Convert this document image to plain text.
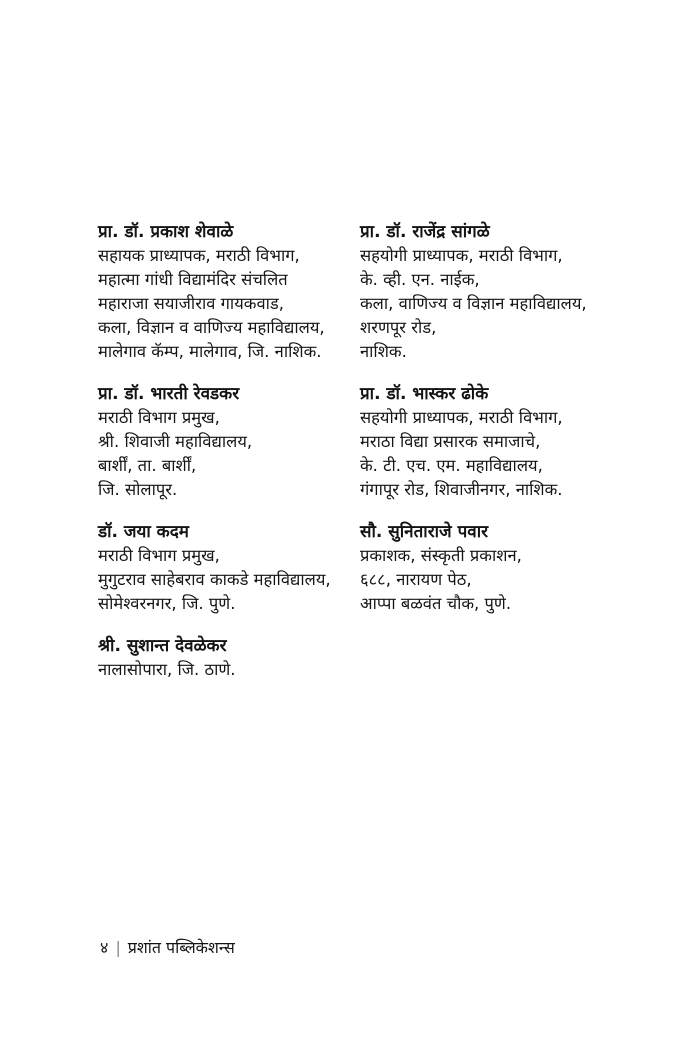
प्रा. डॉ. प्रकाश शेवाळे

सहायक प्राध्यापक, मराठी विभाग,

महात्मा गांधी विद्यामंदिर संचलित

महाराजा सयाजीराव गायकवाड,

कला, विज्ञान व वाणिज्य महाविद्यालय,

मालेगाव कॅम्प, मालेगाव, जि. नाशिक.

प्रा. डॉ. भारती रेवडकर

मराठी विभाग प्रमुख,

श्री. शिवाजी महाविद्यालय,

बार्शीं, ता. बार्शीं,

जि. सोलापूर.

डॉ. जया कदम

मराठी विभाग प्रमुख,

मुगुटराव साहेबराव काकडे महाविद्यालय,

सोमेश्वरनगर, जि. पुणे.

श्री. सुशान्त देवळेकर

नालासोपारा, जि. ठाणे.

प्रा. डॉ. राजेंद्र सांगळे

सहयोगी प्राध्यापक, मराठी विभाग,

के. व्ही. एन. नाईक,

कला, वाणिज्य व विज्ञान महाविद्यालय,

शरणपूर रोड,

नाशिक.

प्रा. डॉ. भास्कर ढोके

सहयोगी प्राध्यापक, मराठी विभाग,

मराठा विद्या प्रसारक समाजाचे,

के. टी. एच. एम. महाविद्यालय,

गंगापूर रोड, शिवाजीनगर, नाशिक.

सौ. सुनिताराजे पवार

प्रकाशक, संस्कृती प्रकाशन,

६८८, नारायण पेठ,

आप्पा बळवंत चौक, पुणे.

४ | प्रशांत पब्लिकेशन्स
